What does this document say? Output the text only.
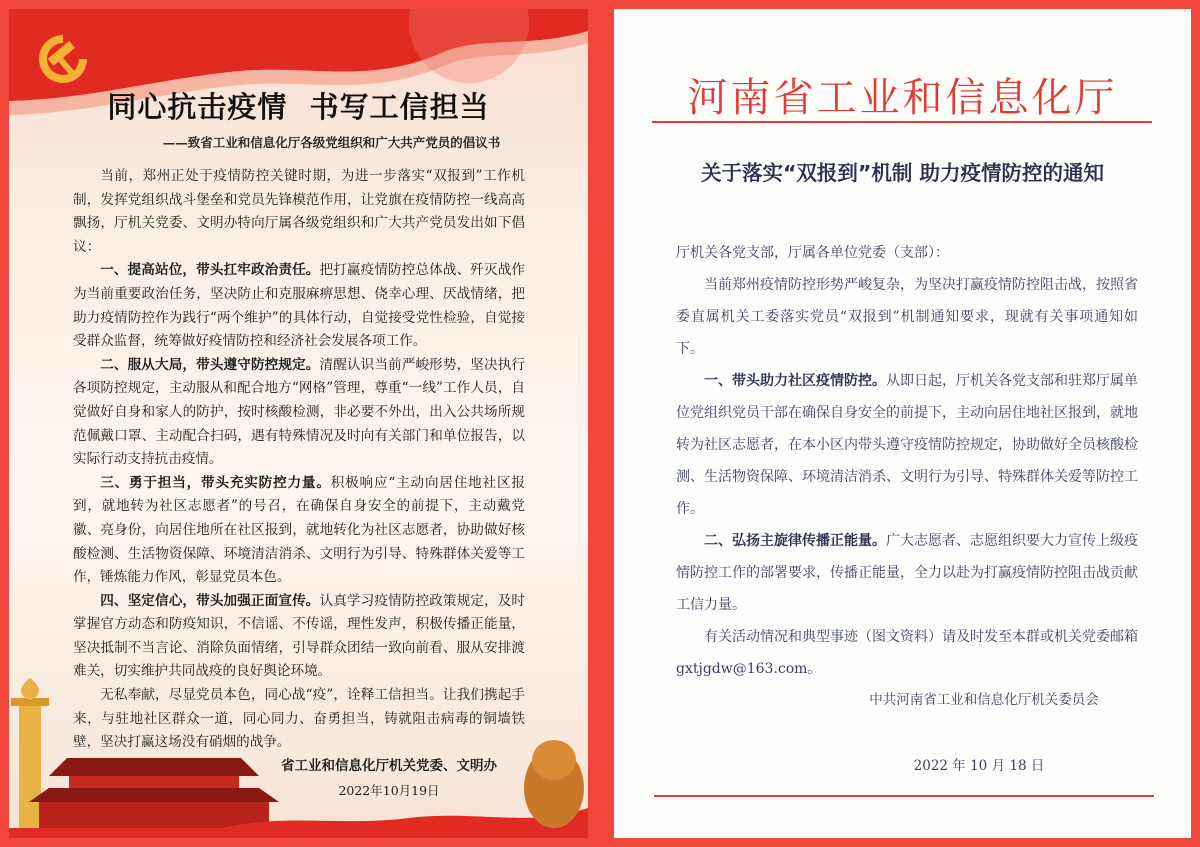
同心抗击疫情  书写工信担当
——致省工业和信息化厅各级党组织和广大共产党员的倡议书

当前，郑州正处于疫情防控关键时期，为进一步落实“双报到”工作机制，发挥党组织战斗堡垒和党员先锋模范作用，让党旗在疫情防控一线高高飘扬，厅机关党委、文明办特向厅属各级党组织和广大共产党员发出如下倡议：

一、提高站位，带头扛牢政治责任。把打赢疫情防控总体战、歼灭战作为当前重要政治任务，坚决防止和克服麻痹思想、侥幸心理、厌战情绪，把助力疫情防控作为践行“两个维护”的具体行动，自觉接受党性检验，自觉接受群众监督，统筹做好疫情防控和经济社会发展各项工作。

二、服从大局，带头遵守防控规定。清醒认识当前严峻形势，坚决执行各项防控规定，主动服从和配合地方“网格”管理，尊重“一线”工作人员，自觉做好自身和家人的防护，按时核酸检测，非必要不外出，出入公共场所规范佩戴口罩、主动配合扫码，遇有特殊情况及时向有关部门和单位报告，以实际行动支持抗击疫情。

三、勇于担当，带头充实防控力量。积极响应“主动向居住地社区报到，就地转为社区志愿者”的号召，在确保自身安全的前提下，主动戴党徽、亮身份，向居住地所在社区报到，就地转化为社区志愿者，协助做好核酸检测、生活物资保障、环境清洁消杀、文明行为引导、特殊群体关爱等工作，锤炼能力作风，彰显党员本色。

四、坚定信心，带头加强正面宣传。认真学习疫情防控政策规定，及时掌握官方动态和防疫知识，不信谣、不传谣，理性发声，积极传播正能量，坚决抵制不当言论、消除负面情绪，引导群众团结一致向前看、服从安排渡难关，切实维护共同战疫的良好舆论环境。

无私奉献，尽显党员本色，同心战“疫”，诠释工信担当。让我们携起手来，与驻地社区群众一道，同心同力、奋勇担当，铸就阻击病毒的铜墙铁壁，坚决打赢这场没有硝烟的战争。

省工业和信息化厅机关党委、文明办
2022年10月19日
河南省工业和信息化厅
关于落实“双报到”机制 助力疫情防控的通知

厅机关各党支部，厅属各单位党委（支部）：

当前郑州疫情防控形势严峻复杂，为坚决打赢疫情防控阻击战，按照省委直属机关工委落实党员“双报到”机制通知要求，现就有关事项通知如下。

一、带头助力社区疫情防控。从即日起，厅机关各党支部和驻郑厅属单位党组织党员干部在确保自身安全的前提下，主动向居住地社区报到，就地转为社区志愿者，在本小区内带头遵守疫情防控规定，协助做好全员核酸检测、生活物资保障、环境清洁消杀、文明行为引导、特殊群体关爱等防控工作。

二、弘扬主旋律传播正能量。广大志愿者、志愿组织要大力宣传上级疫情防控工作的部署要求，传播正能量，全力以赴为打赢疫情防控阻击战贡献工信力量。

有关活动情况和典型事迹（图文资料）请及时发至本群或机关党委邮箱 gxtjgdw@163.com。

中共河南省工业和信息化厅机关委员会
2022 年 10 月 18 日
